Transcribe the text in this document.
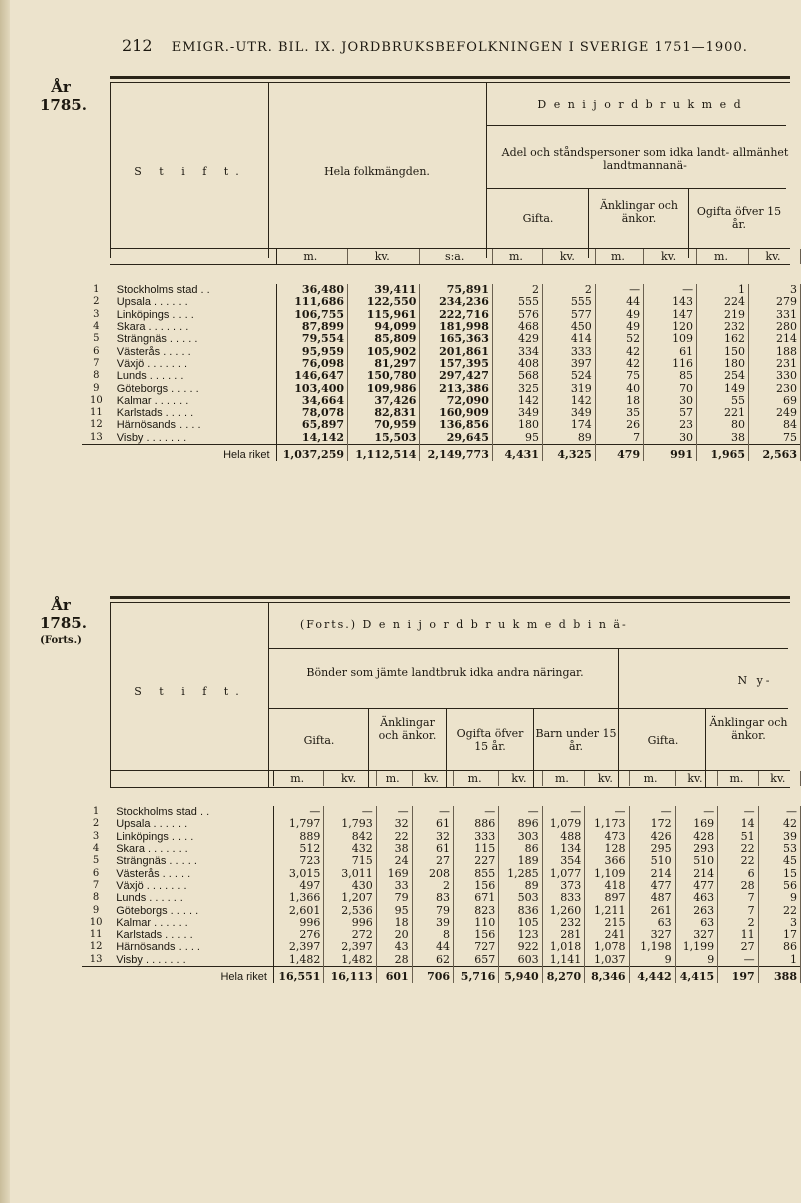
212 EMIGR.-UTR. BIL. IX. JORDBRUKSBEFOLKNINGEN I SVERIGE 1751—1900.
År
1785.
S t i f t.	Hela folkmängden.
D e n i j o r d b r u k m e d
Adel och ståndspersoner som idka landt- allmänhet landtmannanä-
Gifta.
Änklingar och änkor.
Ogifta öfver 15 år.
		m.	kv.	s:a.	m.	kv.	m.	kv.	m.	kv.

1	Stockholms stad . .	36,480	39,411	75,891	2	2	—	—	1	3
2	Upsala . . . . . .	111,686	122,550	234,236	555	555	44	143	224	279
3	Linköpings . . . .	106,755	115,961	222,716	576	577	49	147	219	331
4	Skara . . . . . . .	87,899	94,099	181,998	468	450	49	120	232	280
5	Strängnäs . . . . .	79,554	85,809	165,363	429	414	52	109	162	214
6	Västerås . . . . .	95,959	105,902	201,861	334	333	42	61	150	188
7	Växjö . . . . . . .	76,098	81,297	157,395	408	397	42	116	180	231
8	Lunds . . . . . .	146,647	150,780	297,427	568	524	75	85	254	330
9	Göteborgs . . . . .	103,400	109,986	213,386	325	319	40	70	149	230
10	Kalmar . . . . . .	34,664	37,426	72,090	142	142	18	30	55	69
11	Karlstads . . . . .	78,078	82,831	160,909	349	349	35	57	221	249
12	Härnösands . . . .	65,897	70,959	136,856	180	174	26	23	80	84
13	Visby . . . . . . .	14,142	15,503	29,645	95	89	7	30	38	75
	Hela riket	1,037,259	1,112,514	2,149,773	4,431	4,325	479	991	1,965	2,563
År
1785.
(Forts.)
S t i f t.
(Forts.) D e n i j o r d b r u k m e d b i n ä-
Bönder som jämte landtbruk idka andra näringar.
N y-
Gifta.
Änklingar och änkor.	Ogifta öfver 15 år.
Barn under 15 år.	Gifta.
Änklingar och änkor.
		m.	kv.	m.	kv.	m.	kv.	m.	kv.	m.	kv.	m.	kv.

1	Stockholms stad . .	—	—	—	—	—	—	—	—	—	—	—	—
2	Upsala . . . . . .	1,797	1,793	32	61	886	896	1,079	1,173	172	169	14	42
3	Linköpings . . . .	889	842	22	32	333	303	488	473	426	428	51	39
4	Skara . . . . . . .	512	432	38	61	115	86	134	128	295	293	22	53
5	Strängnäs . . . . .	723	715	24	27	227	189	354	366	510	510	22	45
6	Västerås . . . . .	3,015	3,011	169	208	855	1,285	1,077	1,109	214	214	6	15
7	Växjö . . . . . . .	497	430	33	2	156	89	373	418	477	477	28	56
8	Lunds . . . . . .	1,366	1,207	79	83	671	503	833	897	487	463	7	9
9	Göteborgs . . . . .	2,601	2,536	95	79	823	836	1,260	1,211	261	263	7	22
10	Kalmar . . . . . .	996	996	18	39	110	105	232	215	63	63	2	3
11	Karlstads . . . . .	276	272	20	8	156	123	281	241	327	327	11	17
12	Härnösands . . . .	2,397	2,397	43	44	727	922	1,018	1,078	1,198	1,199	27	86
13	Visby . . . . . . .	1,482	1,482	28	62	657	603	1,141	1,037	9	9	—	1
	Hela riket	16,551	16,113	601	706	5,716	5,940	8,270	8,346	4,442	4,415	197	388
